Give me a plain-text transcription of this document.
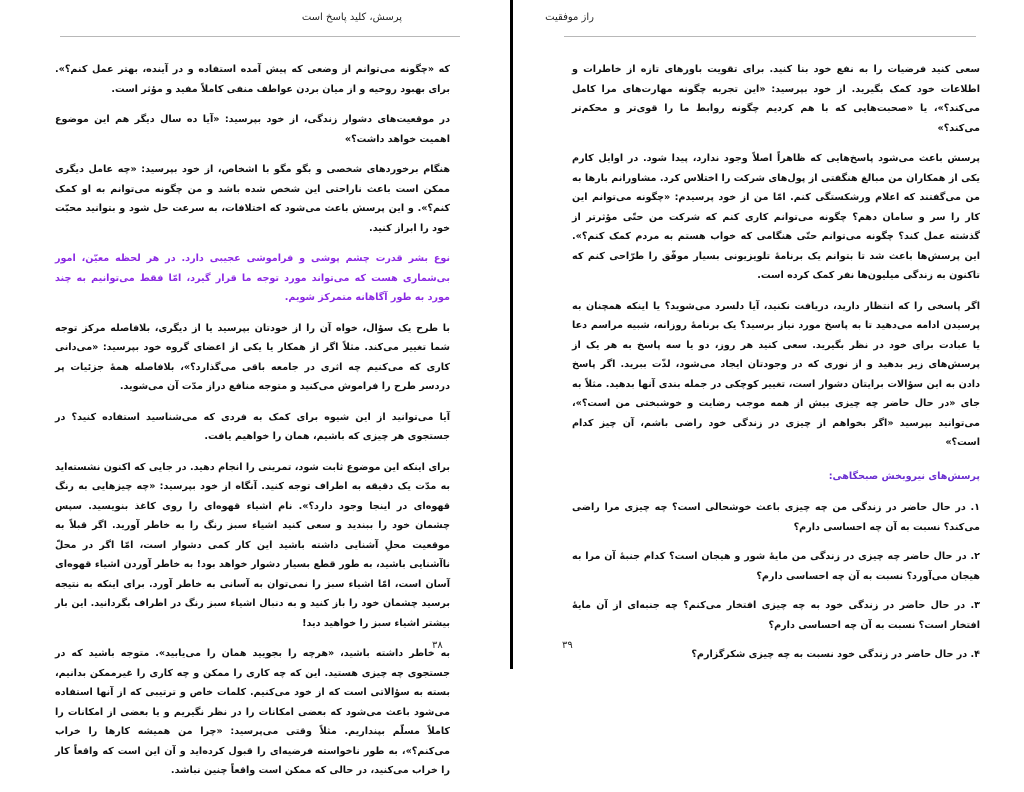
پرسش، کلید پاسخ است

که «چگونه می‌توانم از وضعی که پیش آمده استفاده و در آینده، بهتر عمل کنم؟». برای بهبود روحیه و از میان بردن عواطف منفی کاملاً مفید و مؤثر است.

در موقعیت‌های دشوار زندگی، از خود بپرسید: «آیا ده سال دیگر هم این موضوع اهمیت خواهد داشت؟»

هنگام برخوردهای شخصی و بگو مگو با اشخاص، از خود بپرسید: «چه عامل دیگری ممکن است باعث ناراحتی این شخص شده باشد و من چگونه می‌توانم به او کمک کنم؟». و این پرسش باعث می‌شود که اختلافات، به سرعت حل شود و بتوانید محبّت خود را ابراز کنید.

نوع بشر قدرت چشم پوشی و فراموشی عجیبی دارد. در هر لحظه معیّن، امور بی‌شماری هست که می‌تواند مورد توجه ما قرار گیرد، امّا فقط می‌توانیم به چند مورد به طور آگاهانه متمرکز شویم.

با طرح یک سؤال، خواه آن را از خودتان بپرسید یا از دیگری، بلافاصله مرکز توجه شما تغییر می‌کند. مثلاً اگر از همکار یا یکی از اعضای گروه خود بپرسید: «می‌دانی کاری که می‌کنیم چه اثری در جامعه باقی می‌گذارد؟»، بلافاصله همهٔ جزئیات پر دردسر طرح را فراموش می‌کنید و متوجه منافع دراز مدّت آن می‌شوید.

آیا می‌توانید از این شیوه برای کمک به فردی که می‌شناسید استفاده کنید؟ در جستجوی هر چیزی که باشیم، همان را خواهیم یافت.

برای اینکه این موضوع ثابت شود، تمرینی را انجام دهید. در جایی که اکنون نشسته‌اید به مدّت یک دقیقه به اطراف توجه کنید. آنگاه از خود بپرسید: «چه چیزهایی به رنگ قهوه‌ای در اینجا وجود دارد؟». نام اشیاء قهوه‌ای را روی کاغذ بنویسید. سپس چشمان خود را ببندید و سعی کنید اشیاء سبز رنگ را به خاطر آورید. اگر قبلاً به موقعیت محلِ آشنایی داشته باشید این کار کمی دشوار است، امّا اگر در محلّ ناآشنایی باشید، به طور قطع بسیار دشوار خواهد بود! به خاطر آوردن اشیاء قهوه‌ای آسان است، امّا اشیاء سبز را نمی‌توان به آسانی به خاطر آورد. برای اینکه به نتیجه برسید چشمان خود را باز کنید و به دنبال اشیاء سبز رنگ در اطراف بگردانید. این بار بیشتر اشیاء سبز را خواهید دید!

به خاطر داشته باشید، «هرچه را بجویید همان را می‌یابید». متوجه باشید که در جستجوی چه چیزی هستید. این که چه کاری را ممکن و چه کاری را غیرممکن بدانیم، بسته به سؤالاتی است که از خود می‌کنیم. کلمات خاص و ترتیبی که از آنها استفاده می‌شود باعث می‌شود که بعضی امکانات را در نظر نگیریم و یا بعضی از امکانات را کاملاً مسلّم بپنداریم. مثلاً وقتی می‌پرسید: «چرا من همیشه کارها را خراب می‌کنم؟»، به طور ناخواسته فرضیه‌ای را قبول کرده‌اید و آن این است که واقعاً کار را خراب می‌کنید، در حالی که ممکن است واقعاً چنین نباشد.

۳۸
راز موفقیت

سعی کنید فرضیات را به نفع خود بنا کنید. برای تقویت باورهای تازه از خاطرات و اطلاعات خود کمک بگیرید. از خود بپرسید: «این تجربه چگونه مهارت‌های مرا کامل می‌کند؟»، یا «صحبت‌هایی که با هم کردیم چگونه روابط ما را قوی‌تر و محکم‌تر می‌کند؟»

پرسش باعث می‌شود پاسخ‌هایی که ظاهراً اصلاً وجود ندارد، پیدا شود. در اوایل کارم یکی از همکاران من مبالغ هنگفتی از پول‌های شرکت را اختلاس کرد. مشاورانم بارها به من می‌گفتند که اعلام ورشکستگی کنم. امّا من از خود پرسیدم: «چگونه می‌توانم این کار را سر و سامان دهم؟ چگونه می‌توانم کاری کنم که شرکت من حتّی مؤثرتر از گذشته عمل کند؟ چگونه می‌توانم حتّی هنگامی که خواب هستم به مردم کمک کنم؟». این پرسش‌ها باعث شد تا بتوانم یک برنامهٔ تلویزیونی بسیار موفّق را طرّاحی کنم که تاکنون به زندگی میلیون‌ها نفر کمک کرده است.

اگر پاسخی را که انتظار دارید، دریافت نکنید، آیا دلسرد می‌شوید؟ یا اینکه همچنان به پرسیدن ادامه می‌دهید تا به پاسخ مورد نیاز برسید؟ یک برنامهٔ روزانه، شبیه مراسم دعا یا عبادت برای خود در نظر بگیرید. سعی کنید هر روز، دو یا سه پاسخ به هر یک از پرسش‌های زیر بدهید و از نوری که در وجودتان ایجاد می‌شود، لذّت ببرید. اگر پاسخ دادن به این سؤالات برایتان دشوار است، تغییر کوچکی در جمله بندی آنها بدهید. مثلاً به جای «در حال حاضر چه چیزی بیش از همه موجب رضایت و خوشبختی من است؟»، می‌توانید بپرسید «اگر بخواهم از چیزی در زندگی خود راضی باشم، آن چیز کدام است؟»

پرسش‌های نیروبخش صبحگاهی:

۱. در حال حاضر در زندگی من چه چیزی باعث خوشحالی است؟ چه چیزی مرا راضی می‌کند؟ نسبت به آن چه احساسی دارم؟

۲. در حال حاضر چه چیزی در زندگی من مایهٔ شور و هیجان است؟ کدام جنبهٔ آن مرا به هیجان می‌آورد؟ نسبت به آن چه احساسی دارم؟

۳. در حال حاضر در زندگی خود به چه چیزی افتخار می‌کنم؟ چه جنبه‌ای از آن مایهٔ افتخار است؟ نسبت به آن چه احساسی دارم؟

۴. در حال حاضر در زندگی خود نسبت به چه چیزی شکرگزارم؟

۳۹
